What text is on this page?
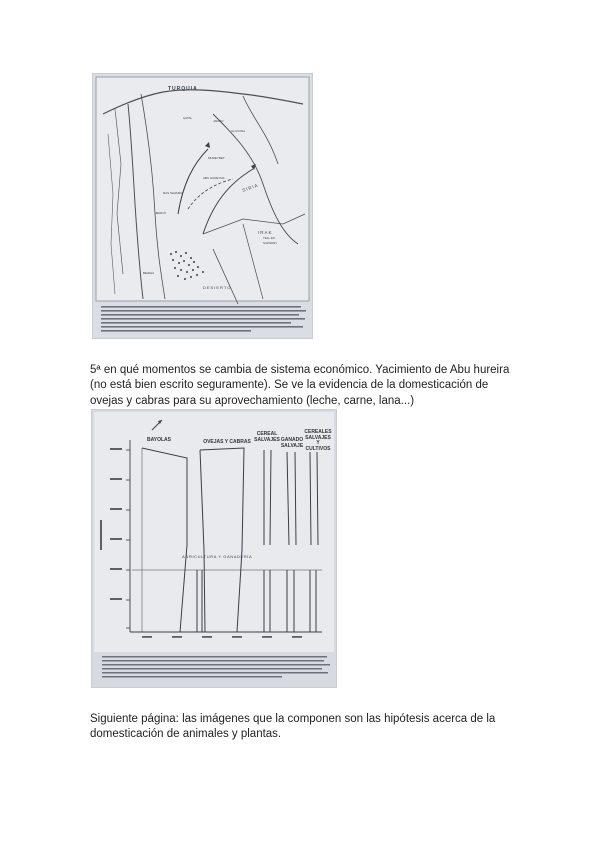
TURQUIA
SIRIA
IRAK
DESIERTO
ÇATAL
JARMO
ALI KOSH
MUREYBET
ABU HUREYRA
RAS SHAMRA
JERICÓ
TELL ES
SAWWAN
BEIDHA

5ª en qué momentos se cambia de sistema económico. Yacimiento de Abu hureira (no está bien escrito seguramente). Se ve la evidencia de la domesticación de ovejas y cabras para su aprovechamiento (leche, carne, lana...)

AGRICULTURA Y GANADERÍA
BAYOLAS	OVEJAS Y CABRAS
CEREAL SALVAJES GANADO SALVAJE
CEREALES SALVAJES Y CULTIVOS

Siguiente página: las imágenes que la componen son las hipótesis acerca de la domesticación de animales y plantas.
